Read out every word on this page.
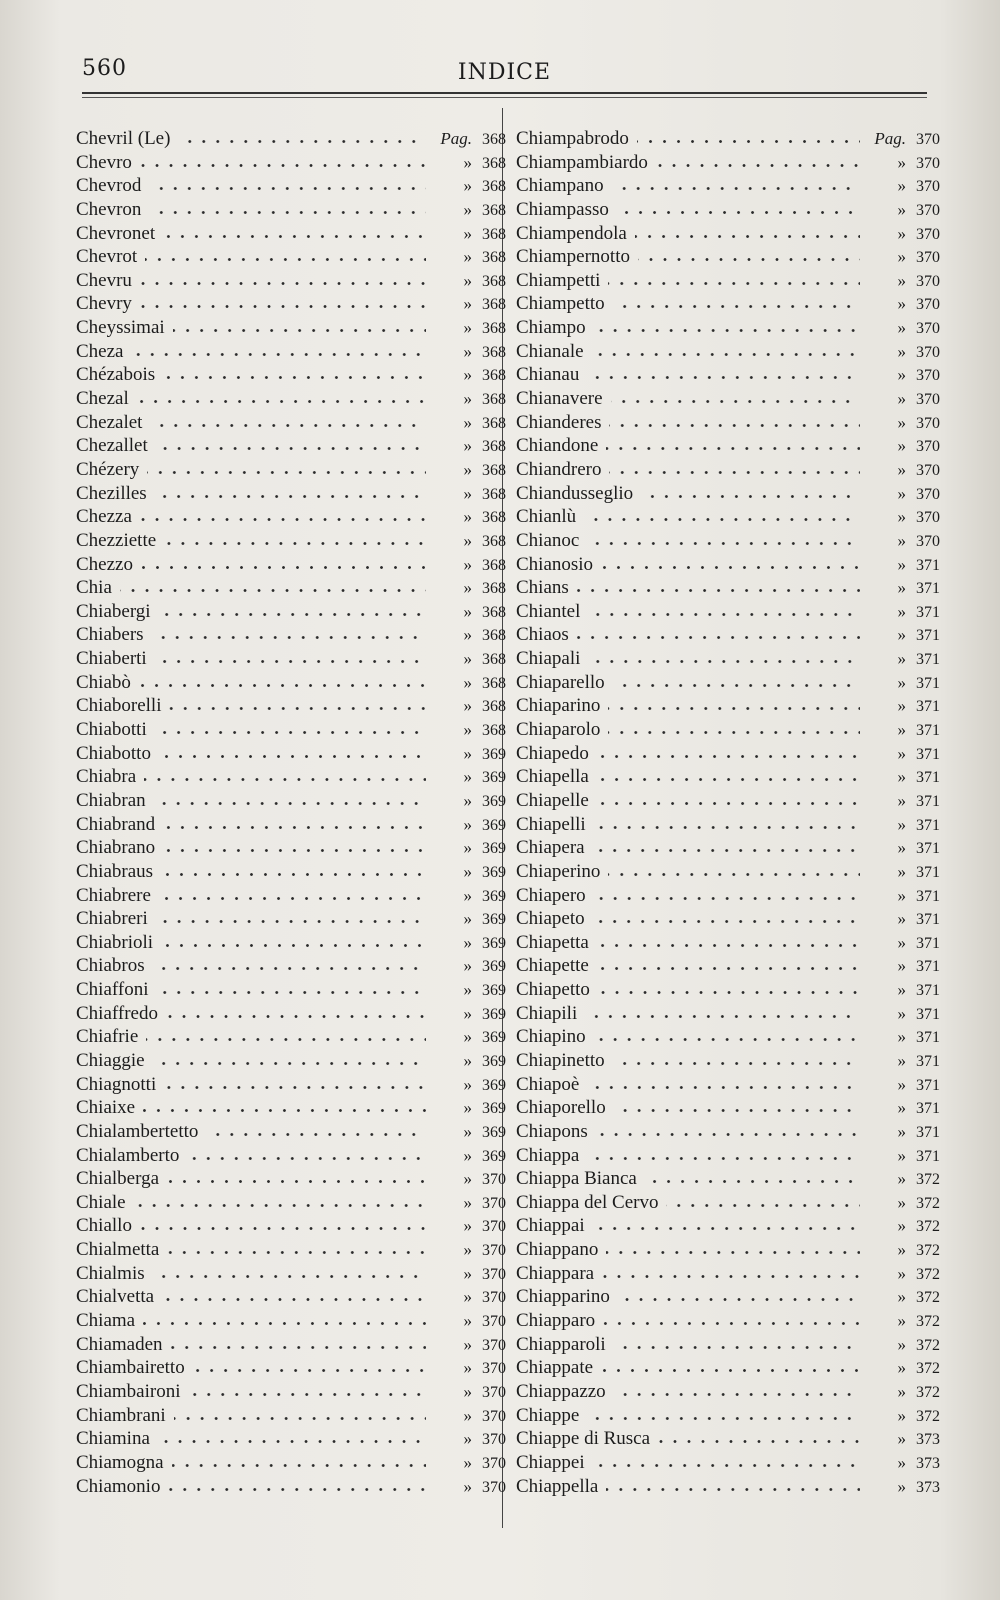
560	INDICE
Chevril (Le)	Pag. 368
Chevro	» 368
Chevrod	» 368
Chevron	» 368
Chevronet	» 368
Chevrot	» 368
Chevru	» 368
Chevry	» 368
Cheyssimai	» 368
Cheza	» 368
Chézabois	» 368
Chezal	» 368
Chezalet	» 368
Chezallet	» 368
Chézery	» 368
Chezilles	» 368
Chezza	» 368
Chezziette	» 368
Chezzo	» 368
Chia	» 368
Chiabergi	» 368
Chiabers	» 368
Chiaberti	» 368
Chiabò	» 368
Chiaborelli	» 368
Chiabotti	» 368
Chiabotto	» 369
Chiabra	» 369
Chiabran	» 369
Chiabrand	» 369
Chiabrano	» 369
Chiabraus	» 369
Chiabrere	» 369
Chiabreri	» 369
Chiabrioli	» 369
Chiabros	» 369
Chiaffoni	» 369
Chiaffredo	» 369
Chiafrie	» 369
Chiaggie	» 369
Chiagnotti	» 369
Chiaixe	» 369
Chialambertetto	» 369
Chialamberto	» 369
Chialberga	» 370
Chiale	» 370
Chiallo	» 370
Chialmetta	» 370
Chialmis	» 370
Chialvetta	» 370
Chiama	» 370
Chiamaden	» 370
Chiambairetto	» 370
Chiambaironi	» 370
Chiambrani	» 370
Chiamina	» 370
Chiamogna	» 370
Chiamonio	» 370
Chiampabrodo	Pag. 370
Chiampambiardo	» 370
Chiampano	» 370
Chiampasso	» 370
Chiampendola	» 370
Chiampernotto	» 370
Chiampetti	» 370
Chiampetto	» 370
Chiampo	» 370
Chianale	» 370
Chianau	» 370
Chianavere	» 370
Chianderes	» 370
Chiandone	» 370
Chiandrero	» 370
Chiandusseglio	» 370
Chianlù	» 370
Chianoc	» 370
Chianosio	» 371
Chians	» 371
Chiantel	» 371
Chiaos	» 371
Chiapali	» 371
Chiaparello	» 371
Chiaparino	» 371
Chiaparolo	» 371
Chiapedo	» 371
Chiapella	» 371
Chiapelle	» 371
Chiapelli	» 371
Chiapera	» 371
Chiaperino	» 371
Chiapero	» 371
Chiapeto	» 371
Chiapetta	» 371
Chiapette	» 371
Chiapetto	» 371
Chiapili	» 371
Chiapino	» 371
Chiapinetto	» 371
Chiapoè	» 371
Chiaporello	» 371
Chiapons	» 371
Chiappa	» 371
Chiappa Bianca	» 372
Chiappa del Cervo	» 372
Chiappai	» 372
Chiappano	» 372
Chiappara	» 372
Chiapparino	» 372
Chiapparo	» 372
Chiapparoli	» 372
Chiappate	» 372
Chiappazzo	» 372
Chiappe	» 372
Chiappe di Rusca	» 373
Chiappei	» 373
Chiappella	» 373
